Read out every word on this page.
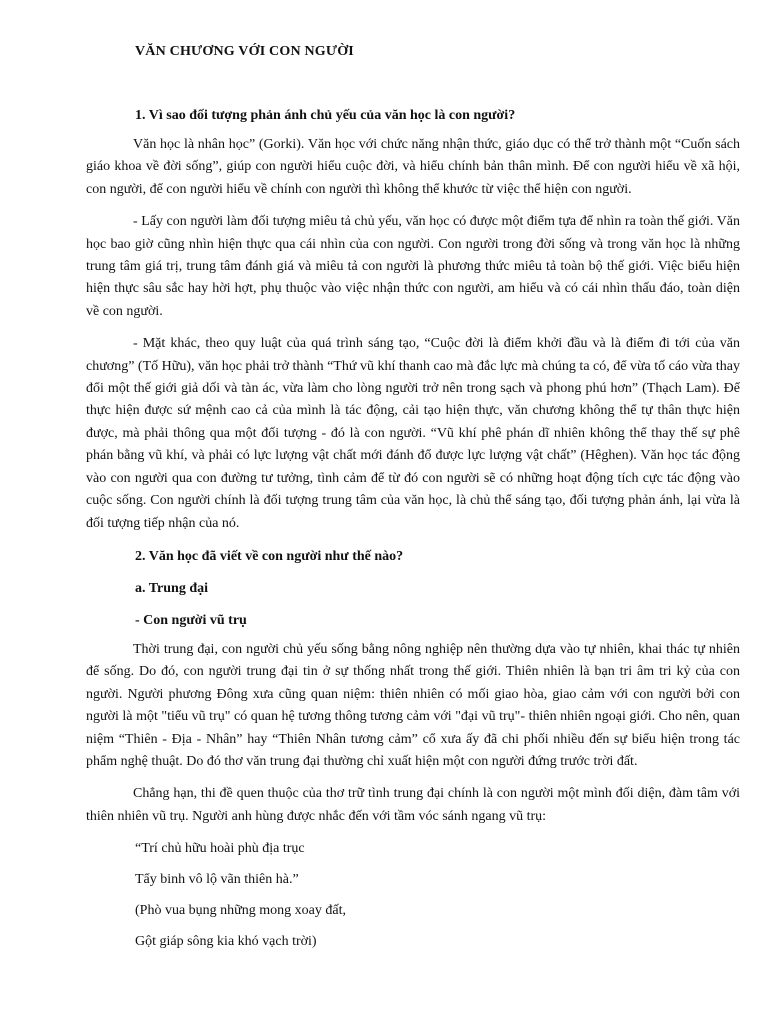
VĂN CHƯƠNG VỚI CON NGƯỜI
1. Vì sao đối tượng phản ánh chủ yếu của văn học là con người?

Văn học là nhân học” (Gorki). Văn học với chức năng nhận thức, giáo dục có thể trở thành một “Cuốn sách giáo khoa về đời sống”, giúp con người hiểu cuộc đời, và hiểu chính bản thân mình. Để con người hiểu về xã hội, con người, để con người hiểu về chính con người thì không thể khước từ việc thể hiện con người.

- Lấy con người làm đối tượng miêu tả chủ yếu, văn học có được một điểm tựa để nhìn ra toàn thế giới. Văn học bao giờ cũng nhìn hiện thực qua cái nhìn của con người. Con người trong đời sống và trong văn học là những trung tâm giá trị, trung tâm đánh giá và miêu tả con người là phương thức miêu tả toàn bộ thế giới. Việc biểu hiện hiện thực sâu sắc hay hời hợt, phụ thuộc vào việc nhận thức con người, am hiểu và có cái nhìn thấu đáo, toàn diện về con người.

- Mặt khác, theo quy luật của quá trình sáng tạo, “Cuộc đời là điểm khởi đầu và là điểm đi tới của văn chương” (Tố Hữu), văn học phải trở thành “Thứ vũ khí thanh cao mà đắc lực mà chúng ta có, để vừa tố cáo vừa thay đổi một thế giới giả dối và tàn ác, vừa làm cho lòng người trở nên trong sạch và phong phú hơn” (Thạch Lam). Để thực hiện được sứ mệnh cao cả của mình là tác động, cải tạo hiện thực, văn chương không thể tự thân thực hiện được, mà phải thông qua một đối tượng - đó là con người. “Vũ khí phê phán dĩ nhiên không thể thay thế sự phê phán bằng vũ khí, và phải có lực lượng vật chất mới đánh đổ được lực lượng vật chất” (Hêghen). Văn học tác động vào con người qua con đường tư tưởng, tình cảm để từ đó con người sẽ có những hoạt động tích cực tác động vào cuộc sống. Con người chính là đối tượng trung tâm của văn học, là chủ thể sáng tạo, đối tượng phản ánh, lại vừa là đối tượng tiếp nhận của nó.

2. Văn học đã viết về con người như thế nào?
a. Trung đại
- Con người vũ trụ

Thời trung đại, con người chủ yếu sống bằng nông nghiệp nên thường dựa vào tự nhiên, khai thác tự nhiên để sống. Do đó, con người trung đại tin ở sự thống nhất trong thế giới. Thiên nhiên là bạn tri âm tri kỷ của con người. Người phương Đông xưa cũng quan niệm: thiên nhiên có mối giao hòa, giao cảm với con người bởi con người là một "tiểu vũ trụ" có quan hệ tương thông tương cảm với "đại vũ trụ"- thiên nhiên ngoại giới. Cho nên, quan niệm “Thiên - Địa - Nhân” hay “Thiên Nhân tương cảm” cổ xưa ấy đã chi phối nhiều đến sự biểu hiện trong tác phẩm nghệ thuật. Do đó thơ văn trung đại thường chỉ xuất hiện một con người đứng trước trời đất.

Chẳng hạn, thi đề quen thuộc của thơ trữ tình trung đại chính là con người một mình đối diện, đàm tâm với thiên nhiên vũ trụ. Người anh hùng được nhắc đến với tầm vóc sánh ngang vũ trụ:

“Trí chủ hữu hoài phù địa trục
Tẩy binh vô lộ vãn thiên hà.”
(Phò vua bụng những mong xoay đất,
Gột giáp sông kia khó vạch trời)
